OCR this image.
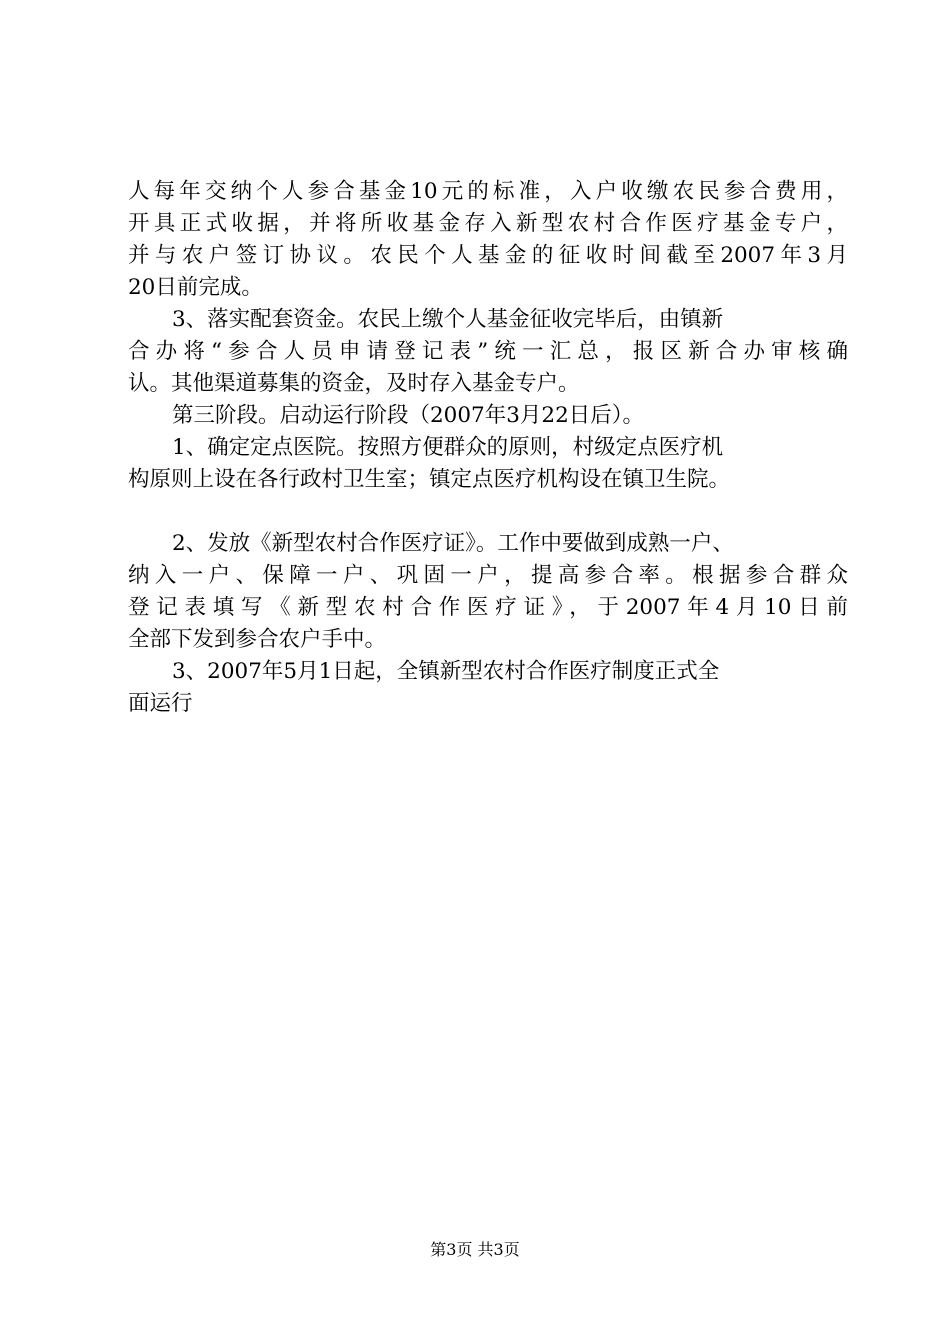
人每年交纳个人参合基金10元的标准，入户收缴农民参合费用，
开具正式收据，并将所收基金存入新型农村合作医疗基金专户，
并与农户签订协议。农民个人基金的征收时间截至2007年3月
20日前完成。
3、落实配套资金。农民上缴个人基金征收完毕后，由镇新
合办将“参合人员申请登记表”统一汇总，报区新合办审核确
认。其他渠道募集的资金，及时存入基金专户。
第三阶段。启动运行阶段（2007年3月22日后）。
1、确定定点医院。按照方便群众的原则，村级定点医疗机
构原则上设在各行政村卫生室；镇定点医疗机构设在镇卫生院。
2、发放《新型农村合作医疗证》。工作中要做到成熟一户、
纳入一户、保障一户、巩固一户，提高参合率。根据参合群众
登记表填写《新型农村合作医疗证》，于2007年4月10日前
全部下发到参合农户手中。
3、2007年5月1日起，全镇新型农村合作医疗制度正式全
面运行
第3页 共3页
